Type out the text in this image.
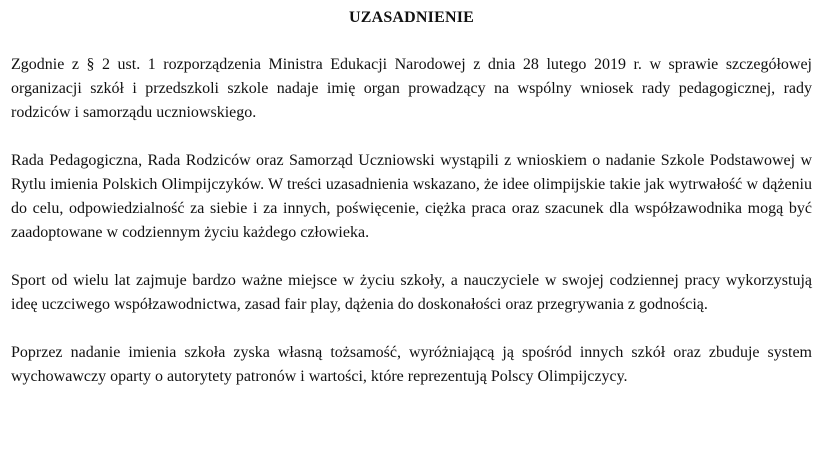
UZASADNIENIE

Zgodnie z § 2 ust. 1 rozporządzenia Ministra Edukacji Narodowej z dnia 28 lutego 2019 r. w sprawie szczegółowej organizacji szkół i przedszkoli szkole nadaje imię organ prowadzący na wspólny wniosek rady pedagogicznej, rady rodziców i samorządu uczniowskiego.

Rada Pedagogiczna, Rada Rodziców oraz Samorząd Uczniowski wystąpili z wnioskiem o nadanie Szkole Podstawowej w Rytlu imienia Polskich Olimpijczyków. W treści uzasadnienia wskazano, że idee olimpijskie takie jak wytrwałość w dążeniu do celu, odpowiedzialność za siebie i za innych, poświęcenie, ciężka praca oraz szacunek dla współzawodnika mogą być zaadoptowane w codziennym życiu każdego człowieka.

Sport od wielu lat zajmuje bardzo ważne miejsce w życiu szkoły, a nauczyciele w swojej codziennej pracy wykorzystują ideę uczciwego współzawodnictwa, zasad fair play, dążenia do doskonałości oraz przegrywania z godnością.

Poprzez nadanie imienia szkoła zyska własną tożsamość, wyróżniającą ją spośród innych szkół oraz zbuduje system wychowawczy oparty o autorytety patronów i wartości, które reprezentują Polscy Olimpijczycy.
